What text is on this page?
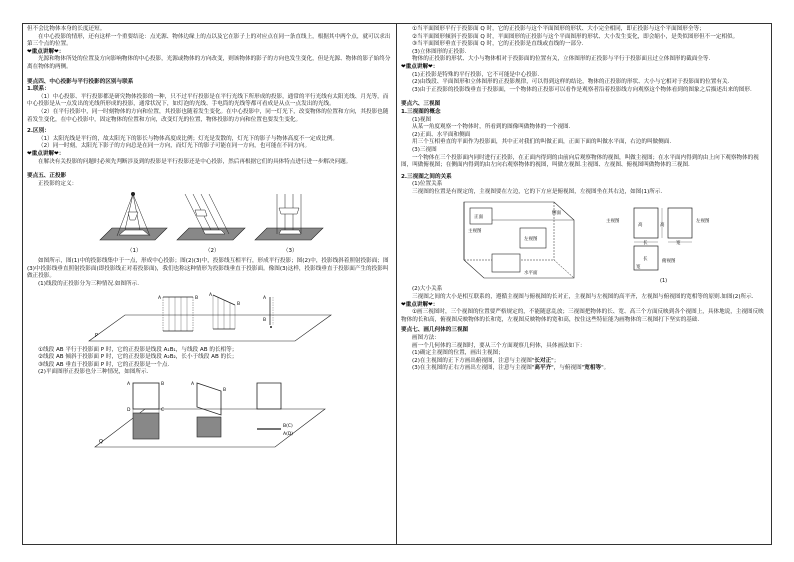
但不会比物体本身的长度还短。

在中心投影的情形，还有这样一个重要结论：点光源、物体边缘上的点以及它在影子上的对应点在同一条直线上，根据其中两个点，就可以求出第三个点的位置。

❤重点讲解❤：

光源和物体所处的位置及方向影响物体的中心投影，光源或物体的方向改变，则该物体的影子的方向也发生变化，但是光源、物体的影子始终分离在物体的两侧。

要点四、中心投影与平行投影的区别与联系

1.联系：

（1）中心投影、平行投影都是研究物体投影的一种，只不过平行投影是在平行光线下所形成的投影，通常的平行光线有太阳光线、月光等，而中心投影是从一点发出的光线所形成的投影，通常状况下，如灯泡的光线、手电筒的光线等都可看成是从点一点发出的光线。

（2）在平行投影中，同一时刻物体的方向和位置，其投影也随着发生变化。在中心投影中，同一灯光下，改变物体的位置和方向，其投影也随着发生变化，在中心投影中，固定物体的位置和方向，改变灯光的位置，物体投影的方向和位置也要发生变化。

2.区别：

（1）太阳光线是平行的，故太阳光下的影长与物体高度成比例；灯光是发散的，灯光下的影子与物体高度不一定成比例。

（2）同一时刻，太阳光下影子的方向总是在同一方向，而灯光下的影子可能在同一方向，也可能在不同方向。

❤重点讲解❤：

在解决有关投影的问题时必须先判断涉及到的投影是平行投影还是中心投影，然后再根据它们的具体特点进行进一步解决问题。

要点五、正投影

正投影的定义：

（1）	（2）	（3）

如图所示，图(1)中的投影线集中于一点，形成中心投影；图(2)(3)中，投影线互相平行，形成平行投影；图(2)中，投影线斜着照射投影面；图(3)中投影线垂直照射投影面(即投影线正对着投影面)，我们也称这种情形为投影线垂直于投影面。像图(3)这样，投影线垂直于投影面产生的投影叫做正投影。

(1)线段的正投影分为三种情况.如图所示.

P
A	B
A
B
A
B

①线段 AB 平行于投影面 P 时，它的正投影是线段 A₁B₁，与线段 AB 的长相等；

②线段 AB 倾斜于投影面 P 时，它的正投影是线段 A₂B₂，长小于线段 AB 的长；

③线段 AB 垂直于投影面 P 时，它的正投影是一个点.

(2)平面图形正投影也分三种情况，如图所示.

Q
A	B
C
D
A
B
B(C)
A(D)

①当平面图形平行于投影面 Q 时，它的正投影与这个平面图形的形状、大小完全相同，即正投影与这个平面图形全等；

②当平面图形倾斜于投影面 Q 时，平面图形的正投影与这个平面图形的形状、大小发生变化，即会缩小，是类似图形但不一定相似。

③当平面图形垂直于投影面 Q 时，它的正投影是直线或直线的一部分.

(3)立体图形的正投影.

物体的正投影的形状、大小与物体相对于投影面的位置有关，立体图形的正投影与平行于投影面且过立体图形的截面全等.

❤重点讲解❤：

(1)正投影是特殊的平行投影，它不可能是中心投影.

(2)由线段、平面图形和立体图形的正投影规律，可以得到这样的结论，物体的正投影的形状、大小与它相对于投影面的位置有关.

(3)由于正投影的投影线垂直于投影面，一个物体的正投影可以看作是观察者沿着投影线方向观察这个物体看到的图象之后描述出来的图形.

要点六、三视图

1.三视图的概念

(1)视图

从某一角度观察一个物体时，所看到的图像叫做物体的一个视图.

(2)正面、水平面和侧面

用三个互相垂直的平面作为投影面，其中正对我们的叫做正面，正面下面的叫做水平面，右边的叫做侧面.

(3)三视图

一个物体在三个投影面内同时进行正投影，在正面内得到的由前向后观察物体的视图，叫做主视图；在水平面内得到的由上向下观察物体的视图，叫做俯视图；在侧面内得到的由左向右观察物体的视图，叫做左视图.主视图、左视图、俯视图叫做物体的三视图.

2.三视图之间的关系

(1)位置关系

三视图的位置是有规定的，主视图要在左边，它的下方应是俯视图，左视图坐在其右边，如图(1)所示.

主视图
正面
左视图
侧面
水平面
主视图	左视图
俯视图
高
长
高
宽
长
宽
(1)

(2)大小关系

三视图之间的大小是相互联系的，遵循主视图与俯视图的长对正，主视图与左视图的高平齐，左视图与俯视图的宽相等的原则.如图(2)所示.

❤重点讲解❤：

①画三视图时，三个视图的位置要严格规定的，不能随意乱放；三视图把物体的长、宽、高三个方面反映到各个视图上，具体地说，主视图反映物体的长和高，俯视图反映物体的长和宽，左视图反映物体的宽和高，按住这些特征能为画物体的三视图打下坚实的基础.

要点七、画几何体的三视图

画图方法：

画一个几何体的三视图时，要从三个方面观察几何体，具体画法如下：

(1)确定主视图的位置，画出主视图；

(2)在主视图的正下方画出俯视图，注意与主视图"长对正"；

(3)在主视图的正右方画出左视图，注意与主视图"高平齐"，与俯视图"宽相等"。
